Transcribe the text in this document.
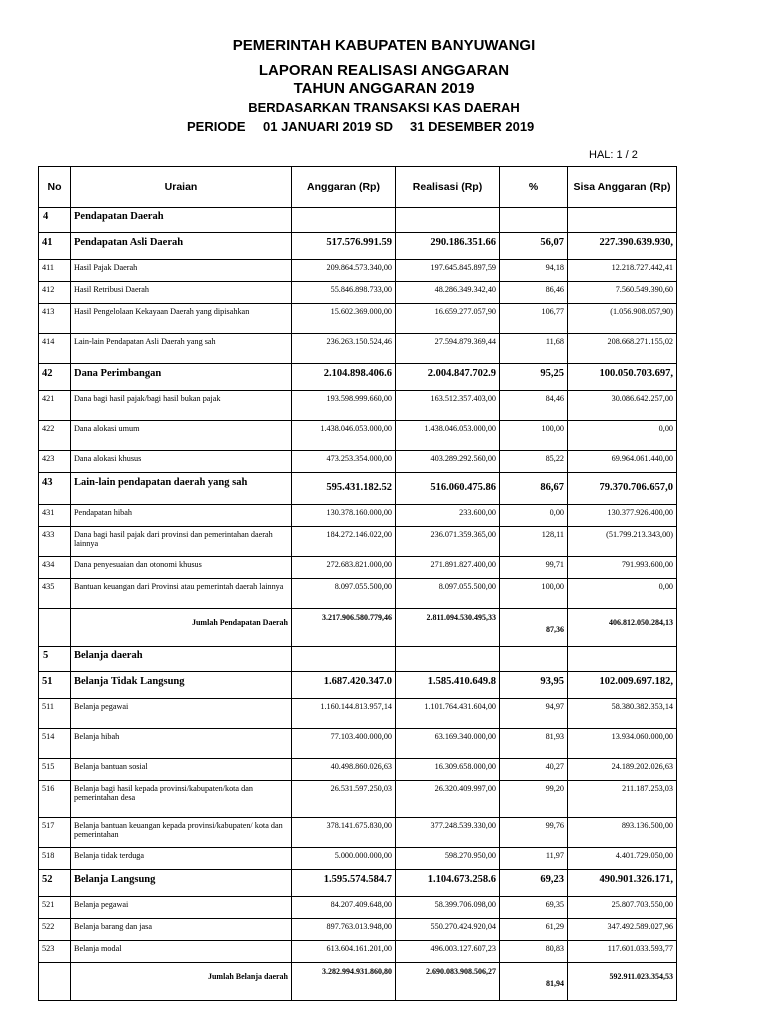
PEMERINTAH KABUPATEN BANYUWANGI
LAPORAN REALISASI ANGGARAN
TAHUN ANGGARAN 2019
BERDASARKAN TRANSAKSI KAS DAERAH
PERIODE 01 JANUARI 2019 SD 31 DESEMBER 2019
HAL: 1 / 2
No	Uraian	Anggaran (Rp)	Realisasi (Rp)	%	Sisa Anggaran (Rp)
4	Pendapatan Daerah				
41	Pendapatan Asli Daerah	517.576.991.59	290.186.351.66	56,07	227.390.639.930,
411	Hasil Pajak Daerah	209.864.573.340,00	197.645.845.897,59	94,18	12.218.727.442,41
412	Hasil Retribusi Daerah	55.846.898.733,00	48.286.349.342,40	86,46	7.560.549.390,60
413	Hasil Pengelolaan Kekayaan Daerah yang dipisahkan	15.602.369.000,00	16.659.277.057,90	106,77	(1.056.908.057,90)
414	Lain-lain Pendapatan Asli Daerah yang sah	236.263.150.524,46	27.594.879.369,44	11,68	208.668.271.155,02
42	Dana Perimbangan	2.104.898.406.6	2.004.847.702.9	95,25	100.050.703.697,
421	Dana bagi hasil pajak/bagi hasil bukan pajak	193.598.999.660,00	163.512.357.403,00	84,46	30.086.642.257,00
422	Dana alokasi umum	1.438.046.053.000,00	1.438.046.053.000,00	100,00	0,00
423	Dana alokasi khusus	473.253.354.000,00	403.289.292.560,00	85,22	69.964.061.440,00
43	Lain-lain pendapatan daerah yang sah	595.431.182.52	516.060.475.86	86,67	79.370.706.657,0
431	Pendapatan hibah	130.378.160.000,00	233.600,00	0,00	130.377.926.400,00
433	Dana bagi hasil pajak dari provinsi dan pemerintahan daerah lainnya	184.272.146.022,00	236.071.359.365,00	128,11	(51.799.213.343,00)
434	Dana penyesuaian dan otonomi khusus	272.683.821.000,00	271.891.827.400,00	99,71	791.993.600,00
435	Bantuan keuangan dari Provinsi atau pemerintah daerah lainnya	8.097.055.500,00	8.097.055.500,00	100,00	0,00
	Jumlah Pendapatan Daerah	3.217.906.580.779,46	2.811.094.530.495,33	87,36	406.812.050.284,13
5	Belanja daerah				
51	Belanja Tidak Langsung	1.687.420.347.0	1.585.410.649.8	93,95	102.009.697.182,
511	Belanja pegawai	1.160.144.813.957,14	1.101.764.431.604,00	94,97	58.380.382.353,14
514	Belanja hibah	77.103.400.000,00	63.169.340.000,00	81,93	13.934.060.000,00
515	Belanja bantuan sosial	40.498.860.026,63	16.309.658.000,00	40,27	24.189.202.026,63
516	Belanja bagi hasil kepada provinsi/kabupaten/kota dan pemerintahan desa	26.531.597.250,03	26.320.409.997,00	99,20	211.187.253,03
517	Belanja bantuan keuangan kepada provinsi/kabupaten/ kota dan pemerintahan	378.141.675.830,00	377.248.539.330,00	99,76	893.136.500,00
518	Belanja tidak terduga	5.000.000.000,00	598.270.950,00	11,97	4.401.729.050,00
52	Belanja Langsung	1.595.574.584.7	1.104.673.258.6	69,23	490.901.326.171,
521	Belanja pegawai	84.207.409.648,00	58.399.706.098,00	69,35	25.807.703.550,00
522	Belanja barang dan jasa	897.763.013.948,00	550.270.424.920,04	61,29	347.492.589.027,96
523	Belanja modal	613.604.161.201,00	496.003.127.607,23	80,83	117.601.033.593,77
	Jumlah Belanja daerah	3.282.994.931.860,80	2.690.083.908.506,27	81,94	592.911.023.354,53
